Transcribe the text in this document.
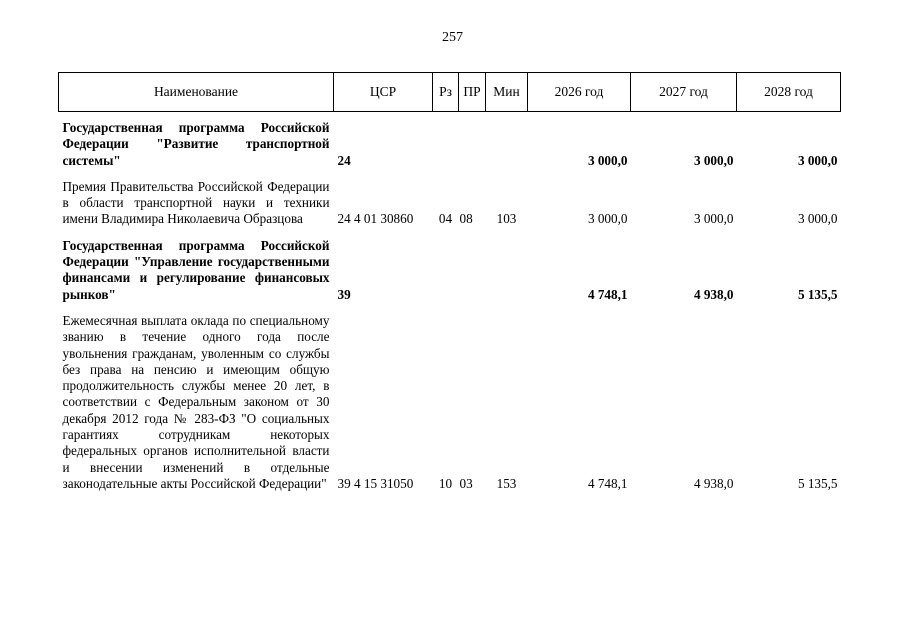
257
Наименование	ЦСР	Рз	ПР	Мин	2026 год	2027 год	2028 год

Государственная программа Российской Федерации "Развитие транспортной системы"	24				3 000,0	3 000,0	3 000,0

Премия Правительства Российской Федерации в области транспортной науки и техники имени Владимира Николаевича Образцова	24 4 01 30860	04	08	103	3 000,0	3 000,0	3 000,0

Государственная программа Российской Федерации "Управление государственными финансами и регулирование финансовых рынков"	39				4 748,1	4 938,0	5 135,5

Ежемесячная выплата оклада по специальному званию в течение одного года после увольнения гражданам, уволенным со службы без права на пенсию и имеющим общую продолжительность службы менее 20 лет, в соответствии с Федеральным законом от 30 декабря 2012 года № 283-ФЗ "О социальных гарантиях сотрудникам некоторых федеральных органов исполнительной власти и внесении изменений в отдельные законодательные акты Российской Федерации"	39 4 15 31050	10	03	153	4 748,1	4 938,0	5 135,5
